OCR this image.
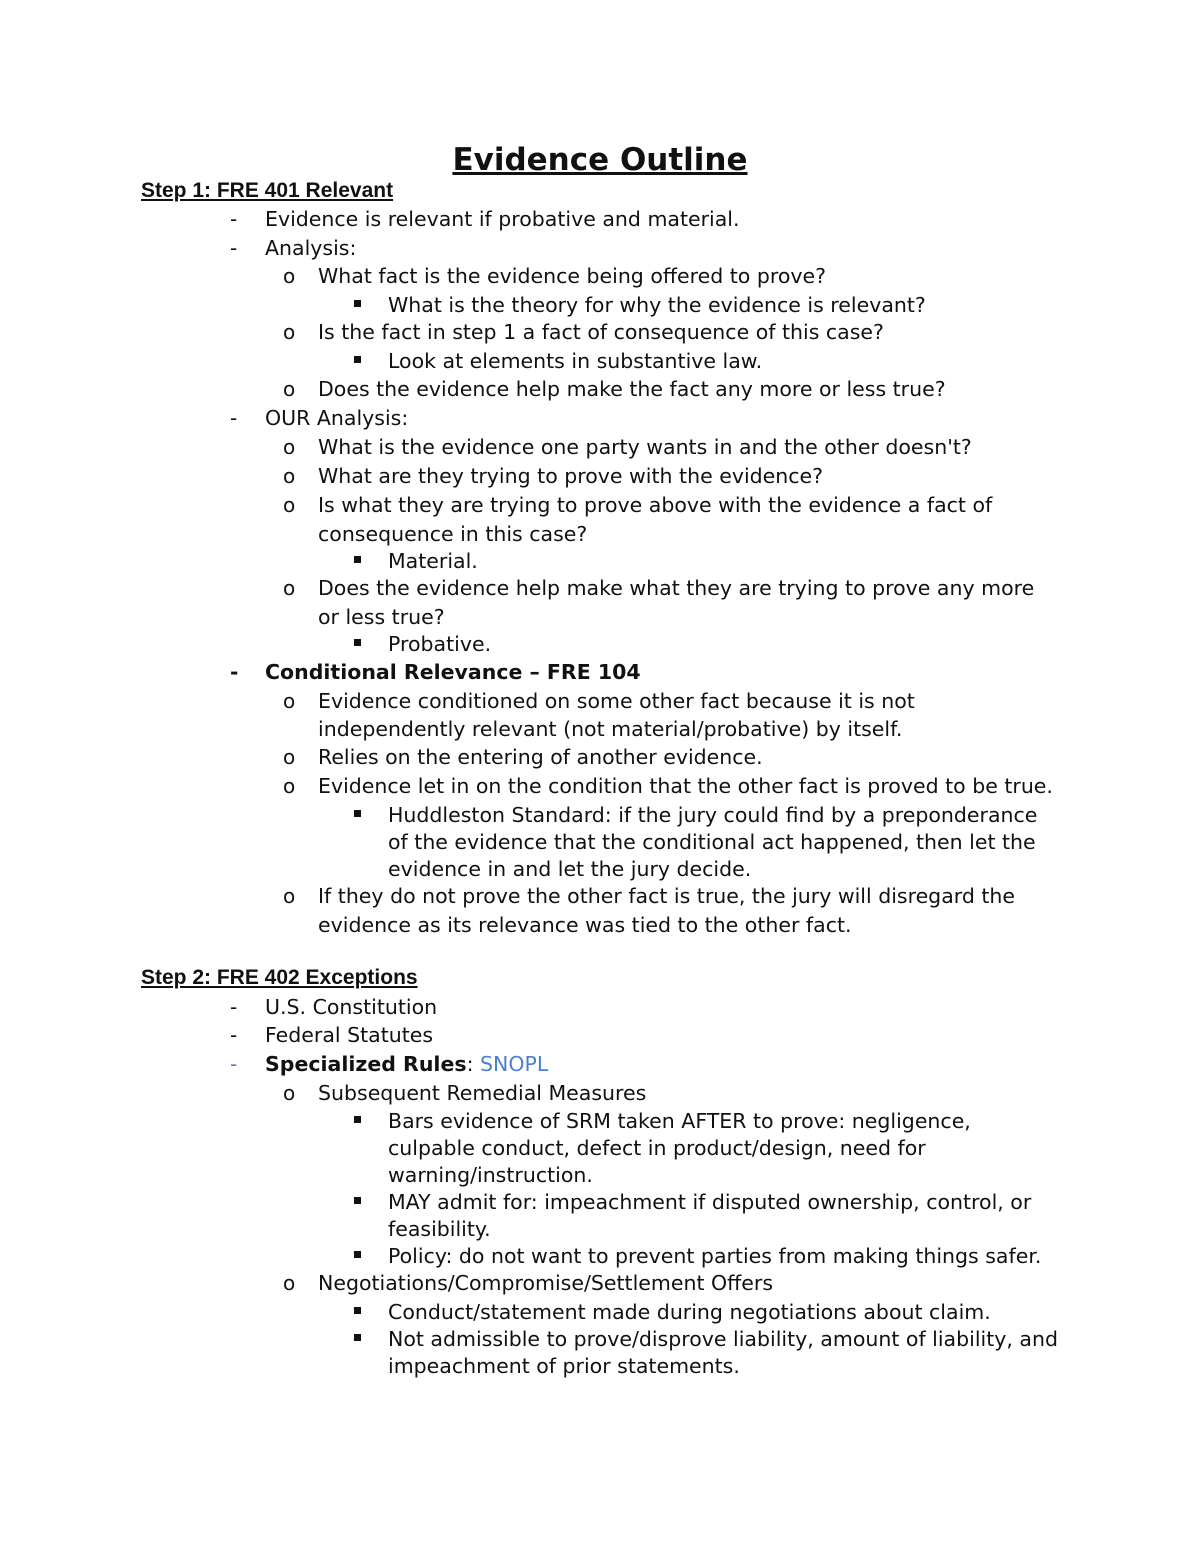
Evidence Outline
Step 1: FRE 401 Relevant
- Evidence is relevant if probative and material.
- Analysis:
o What fact is the evidence being offered to prove?
What is the theory for why the evidence is relevant?
o Is the fact in step 1 a fact of consequence of this case?
Look at elements in substantive law.
o Does the evidence help make the fact any more or less true?
- OUR Analysis:
o What is the evidence one party wants in and the other doesn't?
o What are they trying to prove with the evidence?
o Is what they are trying to prove above with the evidence a fact of
consequence in this case?
Material.
o Does the evidence help make what they are trying to prove any more
or less true?
Probative.
- Conditional Relevance – FRE 104
o Evidence conditioned on some other fact because it is not
independently relevant (not material/probative) by itself.
o Relies on the entering of another evidence.
o Evidence let in on the condition that the other fact is proved to be true.
Huddleston Standard: if the jury could find by a preponderance
of the evidence that the conditional act happened, then let the
evidence in and let the jury decide.
o If they do not prove the other fact is true, the jury will disregard the
evidence as its relevance was tied to the other fact.
Step 2: FRE 402 Exceptions
- U.S. Constitution
- Federal Statutes
- Specialized Rules: SNOPL
o Subsequent Remedial Measures
Bars evidence of SRM taken AFTER to prove: negligence,
culpable conduct, defect in product/design, need for
warning/instruction.
MAY admit for: impeachment if disputed ownership, control, or
feasibility.
Policy: do not want to prevent parties from making things safer.
o Negotiations/Compromise/Settlement Offers
Conduct/statement made during negotiations about claim.
Not admissible to prove/disprove liability, amount of liability, and
impeachment of prior statements.
